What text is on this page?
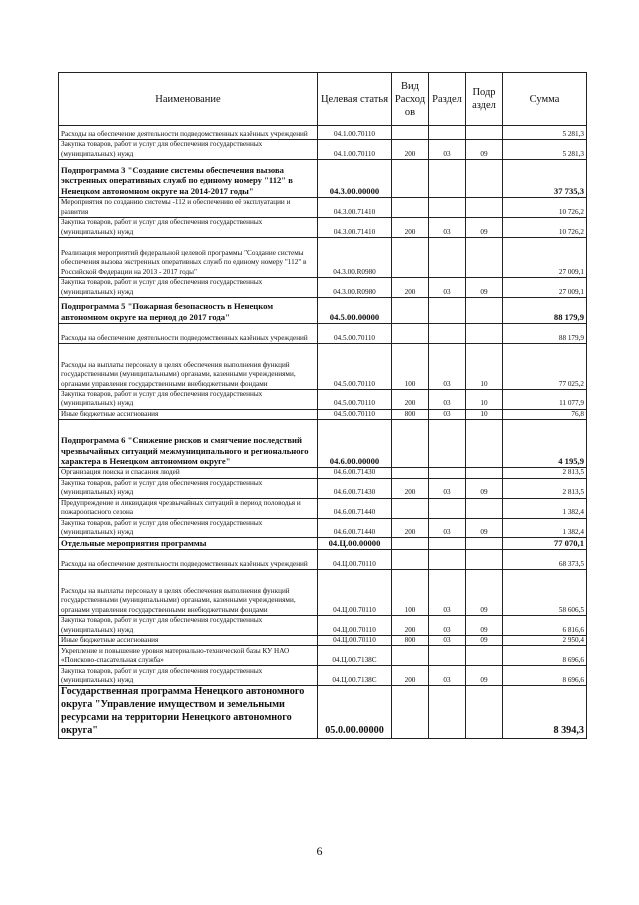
Наименование	Целевая статья	Вид Расход ов	Раздел	Подр аздел	Сумма
Расходы на обеспечение деятельности подведомственных казённых учреждений	04.1.00.70110				5 281,3
Закупка товаров, работ и услуг для обеспечения государственных (муниципальных) нужд	04.1.00.70110	200	03	09	5 281,3
Подпрограмма 3 "Создание системы обеспечения вызова экстренных оперативных служб по единому номеру "112" в Ненецком автономном округе на 2014-2017 годы"	04.3.00.00000				37 735,3
Мероприятия по созданию системы -112 и обеспечению её эксплуатации и развития	04.3.00.71410				10 726,2
Закупка товаров, работ и услуг для обеспечения государственных (муниципальных) нужд	04.3.00.71410	200	03	09	10 726,2
Реализация мероприятий федеральной целевой программы "Создание системы обеспечения вызова экстренных оперативных служб по единому номеру "112" в Российской Федерации на 2013 - 2017 годы"	04.3.00.R0980				27 009,1
Закупка товаров, работ и услуг для обеспечения государственных (муниципальных) нужд	04.3.00.R0980	200	03	09	27 009,1
Подпрограмма 5 "Пожарная безопасность в Ненецком автономном округе на период до 2017 года"	04.5.00.00000				88 179,9
Расходы на обеспечение деятельности подведомственных казённых учреждений	04.5.00.70110				88 179,9
Расходы на выплаты персоналу в целях обеспечения выполнения функций государственными (муниципальными) органами, казенными учреждениями, органами управления государственными внебюджетными фондами	04.5.00.70110	100	03	10	77 025,2
Закупка товаров, работ и услуг для обеспечения государственных (муниципальных) нужд	04.5.00.70110	200	03	10	11 077,9
Иные бюджетные ассигнования	04.5.00.70110	800	03	10	76,8
Подпрограмма 6 "Снижение рисков и смягчение последствий чрезвычайных ситуаций межмуниципального и регионального характера в Ненецком автономном округе"	04.6.00.00000				4 195,9
Организация поиска и спасания людей	04.6.00.71430				2 813,5
Закупка товаров, работ и услуг для обеспечения государственных (муниципальных) нужд	04.6.00.71430	200	03	09	2 813,5
Предупреждение и ликвидация чрезвычайных ситуаций в период половодья и пожароопасного сезона	04.6.00.71440				1 382,4
Закупка товаров, работ и услуг для обеспечения государственных (муниципальных) нужд	04.6.00.71440	200	03	09	1 382,4
Отдельные мероприятия программы	04.Ц.00.00000				77 070,1
Расходы на обеспечение деятельности подведомственных казённых учреждений	04.Ц.00.70110				68 373,5
Расходы на выплаты персоналу в целях обеспечения выполнения функций государственными (муниципальными) органами, казенными учреждениями, органами управления государственными внебюджетными фондами	04.Ц.00.70110	100	03	09	58 606,5
Закупка товаров, работ и услуг для обеспечения государственных (муниципальных) нужд	04.Ц.00.70110	200	03	09	6 816,6
Иные бюджетные ассигнования	04.Ц.00.70110	800	03	09	2 950,4
Укрепление и повышение уровня материально-технической базы КУ НАО «Поисково-спасательная служба»	04.Ц.00.7138С				8 696,6
Закупка товаров, работ и услуг для обеспечения государственных (муниципальных) нужд	04.Ц.00.7138С	200	03	09	8 696,6
Государственная программа Ненецкого автономного округа "Управление имуществом и земельными ресурсами на территории Ненецкого автономного округа"	05.0.00.00000				8 394,3
6
